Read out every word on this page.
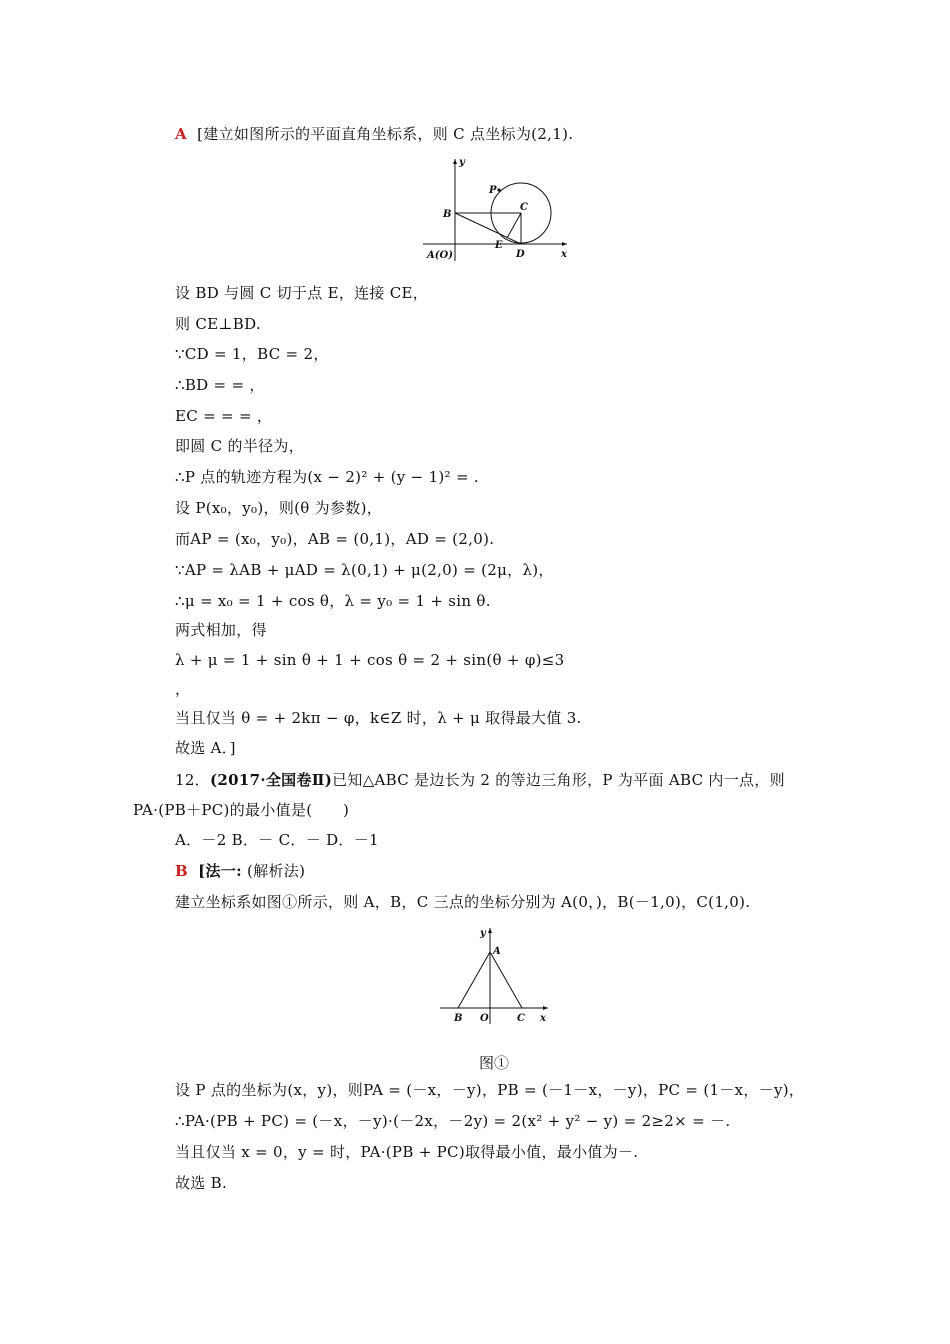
A [建立如图所示的平面直角坐标系，则 C 点坐标为(2,1).
y
P
C
B
E
D	x
A(O)
设 BD 与圆 C 切于点 E，连接 CE，
则 CE⊥BD.
∵CD = 1，BC = 2，
∴BD = = ，
EC = = = ，
即圆 C 的半径为，
∴P 点的轨迹方程为(x − 2)² + (y − 1)² = .
设 P(x₀，y₀)，则(θ 为参数)，
而AP = (x₀，y₀)，AB = (0,1)，AD = (2,0).
∵AP = λAB + μAD = λ(0,1) + μ(2,0) = (2μ，λ)，
∴μ = x₀ = 1 + cos θ，λ = y₀ = 1 + sin θ.
两式相加，得
λ + μ = 1 + sin θ + 1 + cos θ = 2 + sin(θ + φ)≤3
，
当且仅当 θ = + 2kπ − φ，k∈Z 时，λ + μ 取得最大值 3.
故选 A．]
12．(2017·全国卷Ⅱ)已知△ABC 是边长为 2 的等边三角形，P 为平面 ABC 内一点，则
PA·(PB＋PC)的最小值是(　　)
A．－2 B．－ C．－ D．－1
B [法一: (解析法)
建立坐标系如图①所示，则 A，B，C 三点的坐标分别为 A(0，)，B(－1,0)，C(1,0).
y
A
B O	C x
图①
设 P 点的坐标为(x，y)，则PA = (－x，－y)，PB = (－1－x，－y)，PC = (1－x，－y)，
∴PA·(PB + PC) = (－x，－y)·(－2x，－2y) = 2(x² + y² − y) = 2≥2× = －.
当且仅当 x = 0，y = 时，PA·(PB + PC)取得最小值，最小值为－.
故选 B.
